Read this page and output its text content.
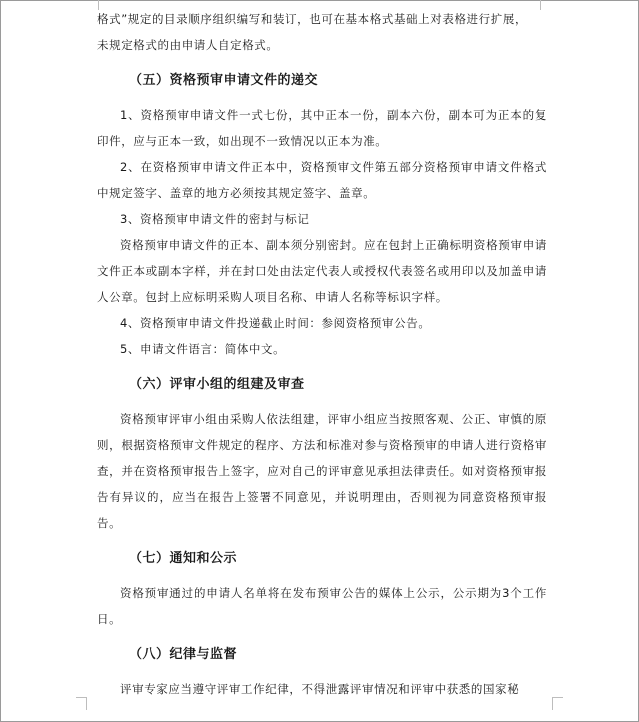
格式”规定的目录顺序组织编写和装订，也可在基本格式基础上对表格进行扩展，

未规定格式的由申请人自定格式。

（五）资格预审申请文件的递交

1、资格预审申请文件一式七份，其中正本一份，副本六份，副本可为正本的复印件，应与正本一致，如出现不一致情况以正本为准。

2、在资格预审申请文件正本中，资格预审文件第五部分资格预审申请文件格式中规定签字、盖章的地方必须按其规定签字、盖章。

3、资格预审申请文件的密封与标记

资格预审申请文件的正本、副本须分别密封。应在包封上正确标明资格预审申请文件正本或副本字样，并在封口处由法定代表人或授权代表签名或用印以及加盖申请人公章。包封上应标明采购人项目名称、申请人名称等标识字样。

4、资格预审申请文件投递截止时间：参阅资格预审公告。

5、申请文件语言：简体中文。

（六）评审小组的组建及审查

资格预审评审小组由采购人依法组建，评审小组应当按照客观、公正、审慎的原则，根据资格预审文件规定的程序、方法和标准对参与资格预审的申请人进行资格审查，并在资格预审报告上签字，应对自己的评审意见承担法律责任。如对资格预审报告有异议的，应当在报告上签署不同意见，并说明理由，否则视为同意资格预审报告。

（七）通知和公示

资格预审通过的申请人名单将在发布预审公告的媒体上公示，公示期为3个工作日。

（八）纪律与监督

评审专家应当遵守评审工作纪律，不得泄露评审情况和评审中获悉的国家秘
